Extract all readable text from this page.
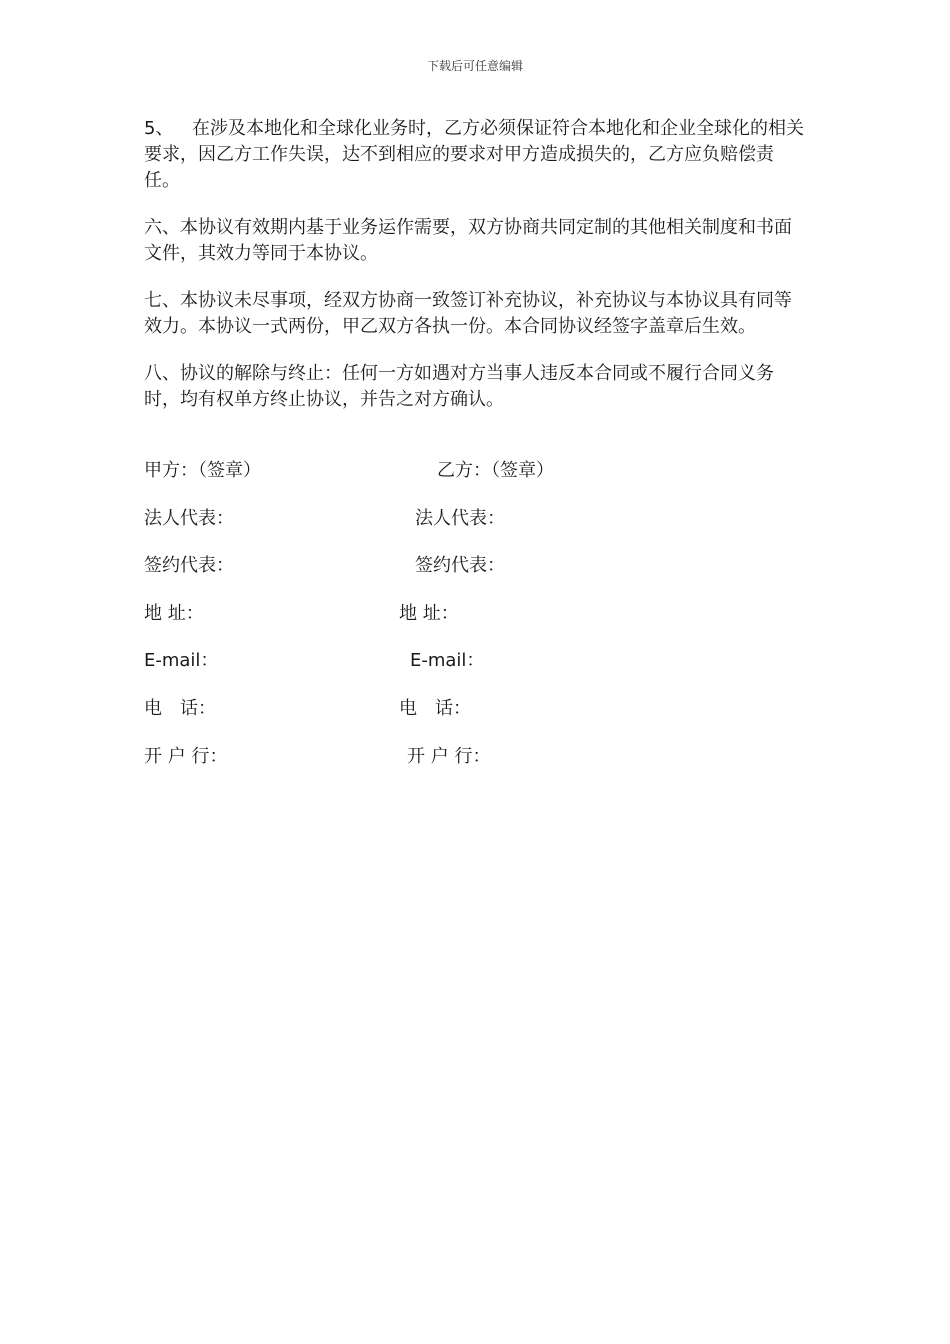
下载后可任意编辑

5、 在涉及本地化和全球化业务时，乙方必须保证符合本地化和企业全球化的相关要求，因乙方工作失误，达不到相应的要求对甲方造成损失的，乙方应负赔偿责任。

六、本协议有效期内基于业务运作需要，双方协商共同定制的其他相关制度和书面文件，其效力等同于本协议。

七、本协议未尽事项，经双方协商一致签订补充协议，补充协议与本协议具有同等效力。本协议一式两份，甲乙双方各执一份。本合同协议经签字盖章后生效。

八、协议的解除与终止：任何一方如遇对方当事人违反本合同或不履行合同义务时，均有权单方终止协议，并告之对方确认。

甲方：（签章）	乙方：（签章）
法人代表：	法人代表：
签约代表：	签约代表：
地 址：	地 址：
E-mail：	E-mail：
电　话：	电　话：
开 户 行：	开 户 行：
